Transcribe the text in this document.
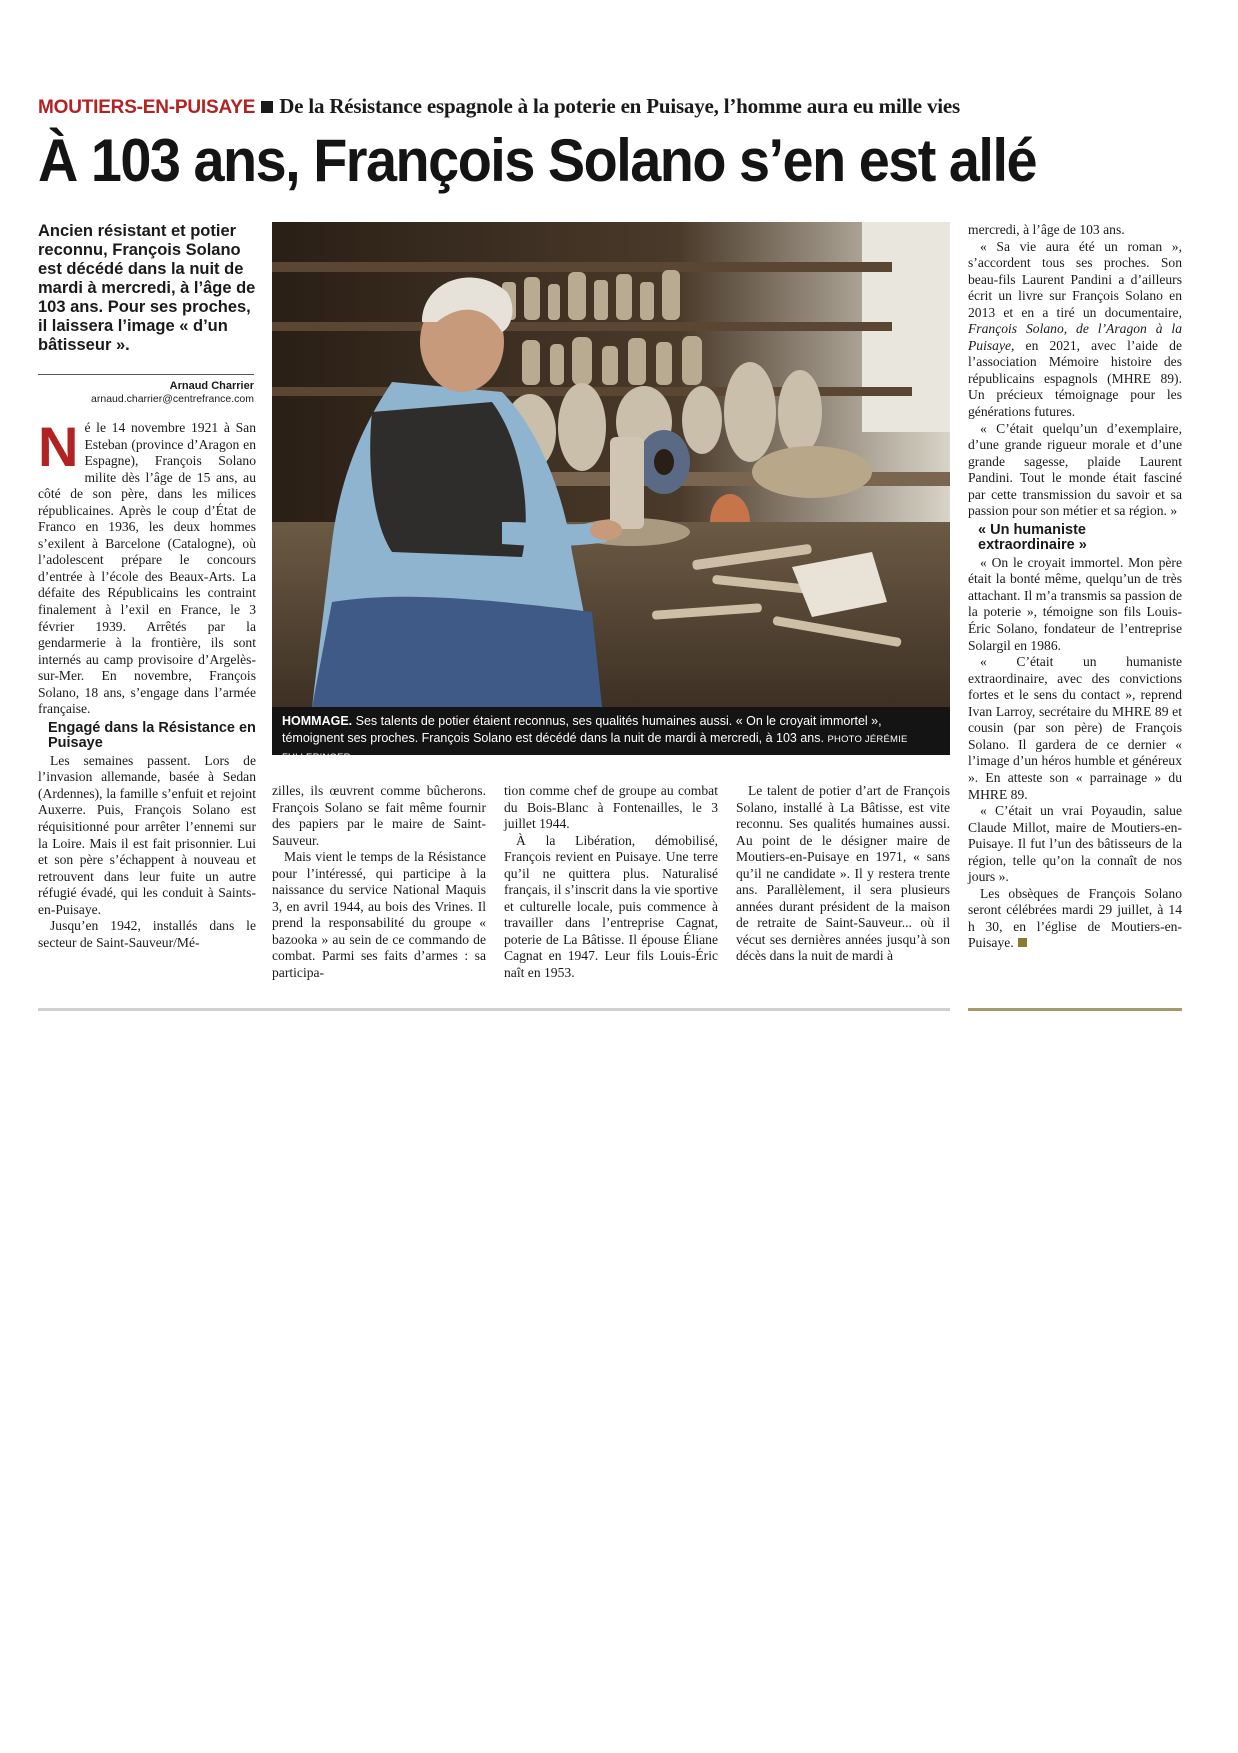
MOUTIERS-EN-PUISAYE De la Résistance espagnole à la poterie en Puisaye, l’homme aura eu mille vies
À 103 ans, François Solano s’en est allé
Ancien résistant et potier reconnu, François Solano est décédé dans la nuit de mardi à mercredi, à l’âge de 103 ans. Pour ses proches, il laissera l’image « d’un bâtisseur ».
Arnaud Charrier
arnaud.charrier@centrefrance.com

Né le 14 novembre 1921 à San Esteban (province d’Aragon en Espagne), François Solano milite dès l’âge de 15 ans, au côté de son père, dans les milices républicaines. Après le coup d’État de Franco en 1936, les deux hommes s’exilent à Barcelone (Catalogne), où l’adolescent prépare le concours d’entrée à l’école des Beaux-Arts. La défaite des Républicains les contraint finalement à l’exil en France, le 3 février 1939. Arrêtés par la gendarmerie à la frontière, ils sont internés au camp provisoire d’Argelès-sur-Mer. En novembre, François Solano, 18 ans, s’engage dans l’armée française.

Engagé dans la Résistance en Puisaye

Les semaines passent. Lors de l’invasion allemande, basée à Sedan (Ardennes), la famille s’enfuit et rejoint Auxerre. Puis, François Solano est réquisitionné pour arrêter l’ennemi sur la Loire. Mais il est fait prisonnier. Lui et son père s’échappent à nouveau et retrouvent dans leur fuite un autre réfugié évadé, qui les conduit à Saints-en-Puisaye.

Jusqu’en 1942, installés dans le secteur de Saint-Sauveur/Mé-

HOMMAGE. Ses talents de potier étaient reconnus, ses qualités humaines aussi. « On le croyait immortel », témoignent ses proches. François Solano est décédé dans la nuit de mardi à mercredi, à 103 ans. PHOTO JÉRÉMIE FULLERINGER

zilles, ils œuvrent comme bûcherons. François Solano se fait même fournir des papiers par le maire de Saint-Sauveur.

Mais vient le temps de la Résistance pour l’intéressé, qui participe à la naissance du service National Maquis 3, en avril 1944, au bois des Vrines. Il prend la responsabilité du groupe « bazooka » au sein de ce commando de combat. Parmi ses faits d’armes : sa participa-

tion comme chef de groupe au combat du Bois-Blanc à Fontenailles, le 3 juillet 1944.

À la Libération, démobilisé, François revient en Puisaye. Une terre qu’il ne quittera plus. Naturalisé français, il s’inscrit dans la vie sportive et culturelle locale, puis commence à travailler dans l’entreprise Cagnat, poterie de La Bâtisse. Il épouse Éliane Cagnat en 1947. Leur fils Louis-Éric naît en 1953.

Le talent de potier d’art de François Solano, installé à La Bâtisse, est vite reconnu. Ses qualités humaines aussi. Au point de le désigner maire de Moutiers-en-Puisaye en 1971, « sans qu’il ne candidate ». Il y restera trente ans. Parallèlement, il sera plusieurs années durant président de la maison de retraite de Saint-Sauveur... où il vécut ses dernières années jusqu’à son décès dans la nuit de mardi à

mercredi, à l’âge de 103 ans.

« Sa vie aura été un roman », s’accordent tous ses proches. Son beau-fils Laurent Pandini a d’ailleurs écrit un livre sur François Solano en 2013 et en a tiré un documentaire, François Solano, de l’Aragon à la Puisaye, en 2021, avec l’aide de l’association Mémoire histoire des républicains espagnols (MHRE 89). Un précieux témoignage pour les générations futures.

« C’était quelqu’un d’exemplaire, d’une grande rigueur morale et d’une grande sagesse, plaide Laurent Pandini. Tout le monde était fasciné par cette transmission du savoir et sa passion pour son métier et sa région. »

« Un humaniste extraordinaire »

« On le croyait immortel. Mon père était la bonté même, quelqu’un de très attachant. Il m’a transmis sa passion de la poterie », témoigne son fils Louis-Éric Solano, fondateur de l’entreprise Solargil en 1986.

« C’était un humaniste extraordinaire, avec des convictions fortes et le sens du contact », reprend Ivan Larroy, secrétaire du MHRE 89 et cousin (par son père) de François Solano. Il gardera de ce dernier « l’image d’un héros humble et généreux ». En atteste son « parrainage » du MHRE 89.

« C’était un vrai Poyaudin, salue Claude Millot, maire de Moutiers-en-Puisaye. Il fut l’un des bâtisseurs de la région, telle qu’on la connaît de nos jours ».

Les obsèques de François Solano seront célébrées mardi 29 juillet, à 14 h 30, en l’église de Moutiers-en-Puisaye.
